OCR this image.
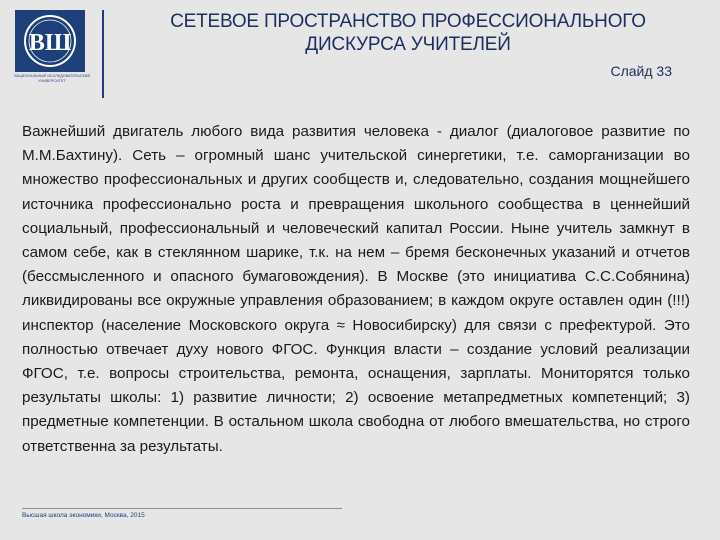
ВШ
НАЦИОНАЛЬНЫЙ ИССЛЕДОВАТЕЛЬСКИЙ УНИВЕРСИТЕТ
СЕТЕВОЕ ПРОСТРАНСТВО ПРОФЕССИОНАЛЬНОГО ДИСКУРСА УЧИТЕЛЕЙ
Слайд 33

Важнейший двигатель любого вида развития человека - диалог (диалоговое развитие по М.М.Бахтину). Сеть – огромный шанс учительской синергетики, т.е. саморганизации во множество профессиональных и других сообществ и, следовательно, создания мощнейшего источника профессионально роста и превращения школьного сообщества в ценнейший социальный, профессиональный и человеческий капитал России. Ныне учитель замкнут в самом себе, как в стеклянном шарике, т.к. на нем – бремя бесконечных указаний и отчетов (бессмысленного и опасного бумаговождения). В Москве (это инициатива С.С.Собянина) ликвидированы все окружные управления образованием; в каждом округе оставлен один (!!!) инспектор (население Московского округа ≈ Новосибирску) для связи с префектурой. Это полностью отвечает духу нового ФГОС. Функция власти – создание условий реализации ФГОС, т.е. вопросы строительства, ремонта, оснащения, зарплаты. Мониторятся только результаты школы: 1) развитие личности; 2) освоение метапредметных компетенций; 3) предметные компетенции. В остальном школа свободна от любого вмешательства, но строго ответственна за результаты.

Высшая школа экономики, Москва, 2015
